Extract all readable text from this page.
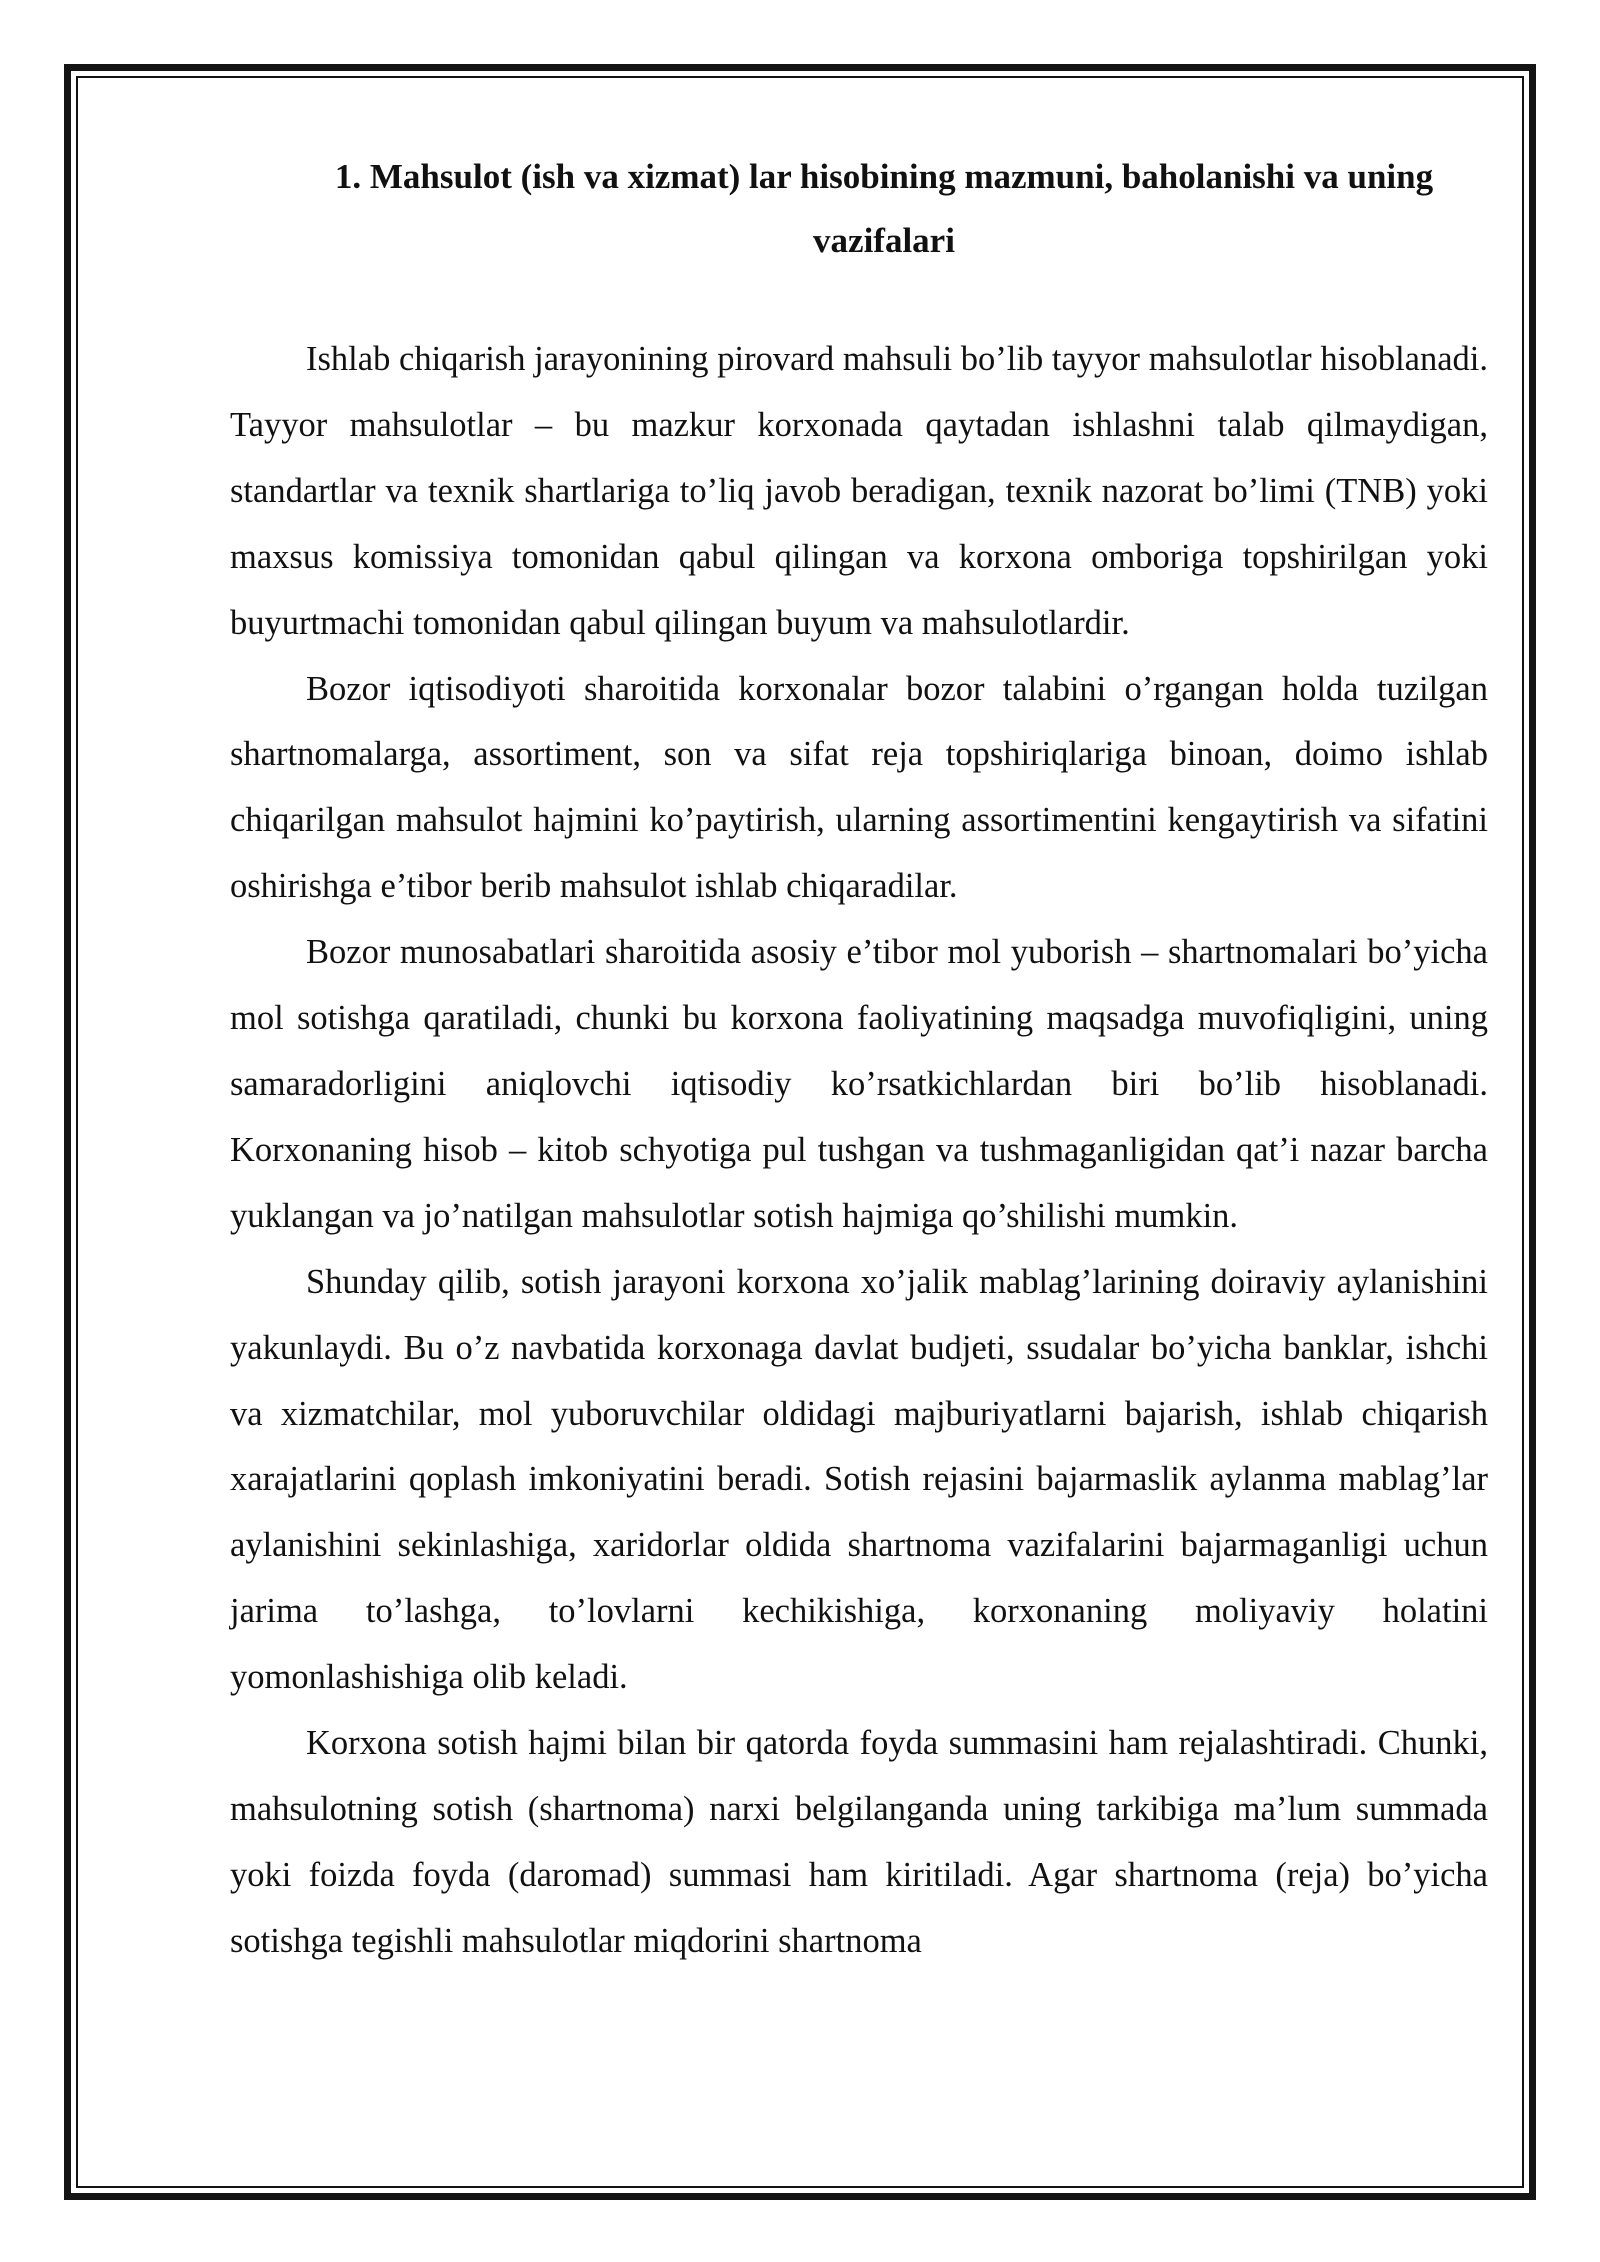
1. Mahsulot (ish va xizmat) lar hisobining mazmuni, baholanishi va uning vazifalari

Ishlab chiqarish jarayonining pirovard mahsuli bo’lib tayyor mahsulotlar hisoblanadi. Tayyor mahsulotlar – bu mazkur korxonada qaytadan ishlashni talab qilmaydigan, standartlar va texnik shartlariga to’liq javob beradigan, texnik nazorat bo’limi (TNB) yoki maxsus komissiya tomonidan qabul qilingan va korxona omboriga topshirilgan yoki buyurtmachi tomonidan qabul qilingan buyum va mahsulotlardir.

Bozor iqtisodiyoti sharoitida korxonalar bozor talabini o’rgangan holda tuzilgan shartnomalarga, assortiment, son va sifat reja topshiriqlariga binoan, doimo ishlab chiqarilgan mahsulot hajmini ko’paytirish, ularning assortimentini kengaytirish va sifatini oshirishga e’tibor berib mahsulot ishlab chiqaradilar.

Bozor munosabatlari sharoitida asosiy e’tibor mol yuborish – shartnomalari bo’yicha mol sotishga qaratiladi, chunki bu korxona faoliyatining maqsadga muvofiqligini, uning samaradorligini aniqlovchi iqtisodiy ko’rsatkichlardan biri bo’lib hisoblanadi. Korxonaning hisob – kitob schyotiga pul tushgan va tushmaganligidan qat’i nazar barcha yuklangan va jo’natilgan mahsulotlar sotish hajmiga qo’shilishi mumkin.

Shunday qilib, sotish jarayoni korxona xo’jalik mablag’larining doiraviy aylanishini yakunlaydi. Bu o’z navbatida korxonaga davlat budjeti, ssudalar bo’yicha banklar, ishchi va xizmatchilar, mol yuboruvchilar oldidagi majburiyatlarni bajarish, ishlab chiqarish xarajatlarini qoplash imkoniyatini beradi. Sotish rejasini bajarmaslik aylanma mablag’lar aylanishini sekinlashiga, xaridorlar oldida shartnoma vazifalarini bajarmaganligi uchun jarima to’lashga, to’lovlarni kechikishiga, korxonaning moliyaviy holatini yomonlashishiga olib keladi.

Korxona sotish hajmi bilan bir qatorda foyda summasini ham rejalashtiradi. Chunki, mahsulotning sotish (shartnoma) narxi belgilanganda uning tarkibiga ma’lum summada yoki foizda foyda (daromad) summasi ham kiritiladi. Agar shartnoma (reja) bo’yicha sotishga tegishli mahsulotlar miqdorini shartnoma
